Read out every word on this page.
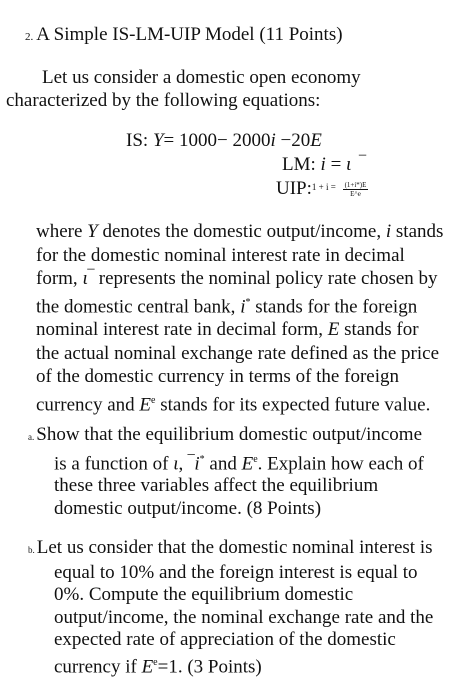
2. A Simple IS-LM-UIP Model (11 Points)
Let us consider a domestic open economy
characterized by the following equations:
IS: Y= 1000− 2000i −20E
LM: i = ι ‾
UIP:$^{1 + i =}$ $\frac{(1+i*)E}{E\^{}e}$
where Y denotes the domestic output/income, i stands
for the domestic nominal interest rate in decimal
form, ι‾ represents the nominal policy rate chosen by
the domestic central bank, i* stands for the foreign
nominal interest rate in decimal form, E stands for
the actual nominal exchange rate defined as the price
of the domestic currency in terms of the foreign
currency and $E^e$ stands for its expected future value.
a. Show that the equilibrium domestic output/income
is a function of ι, ‾i* and $E^e$. Explain how each of
these three variables affect the equilibrium
domestic output/income. (8 Points)
b. Let us consider that the domestic nominal interest is
equal to 10% and the foreign interest is equal to
0%. Compute the equilibrium domestic
output/income, the nominal exchange rate and the
expected rate of appreciation of the domestic
currency if $E^e=1$. (3 Points)
